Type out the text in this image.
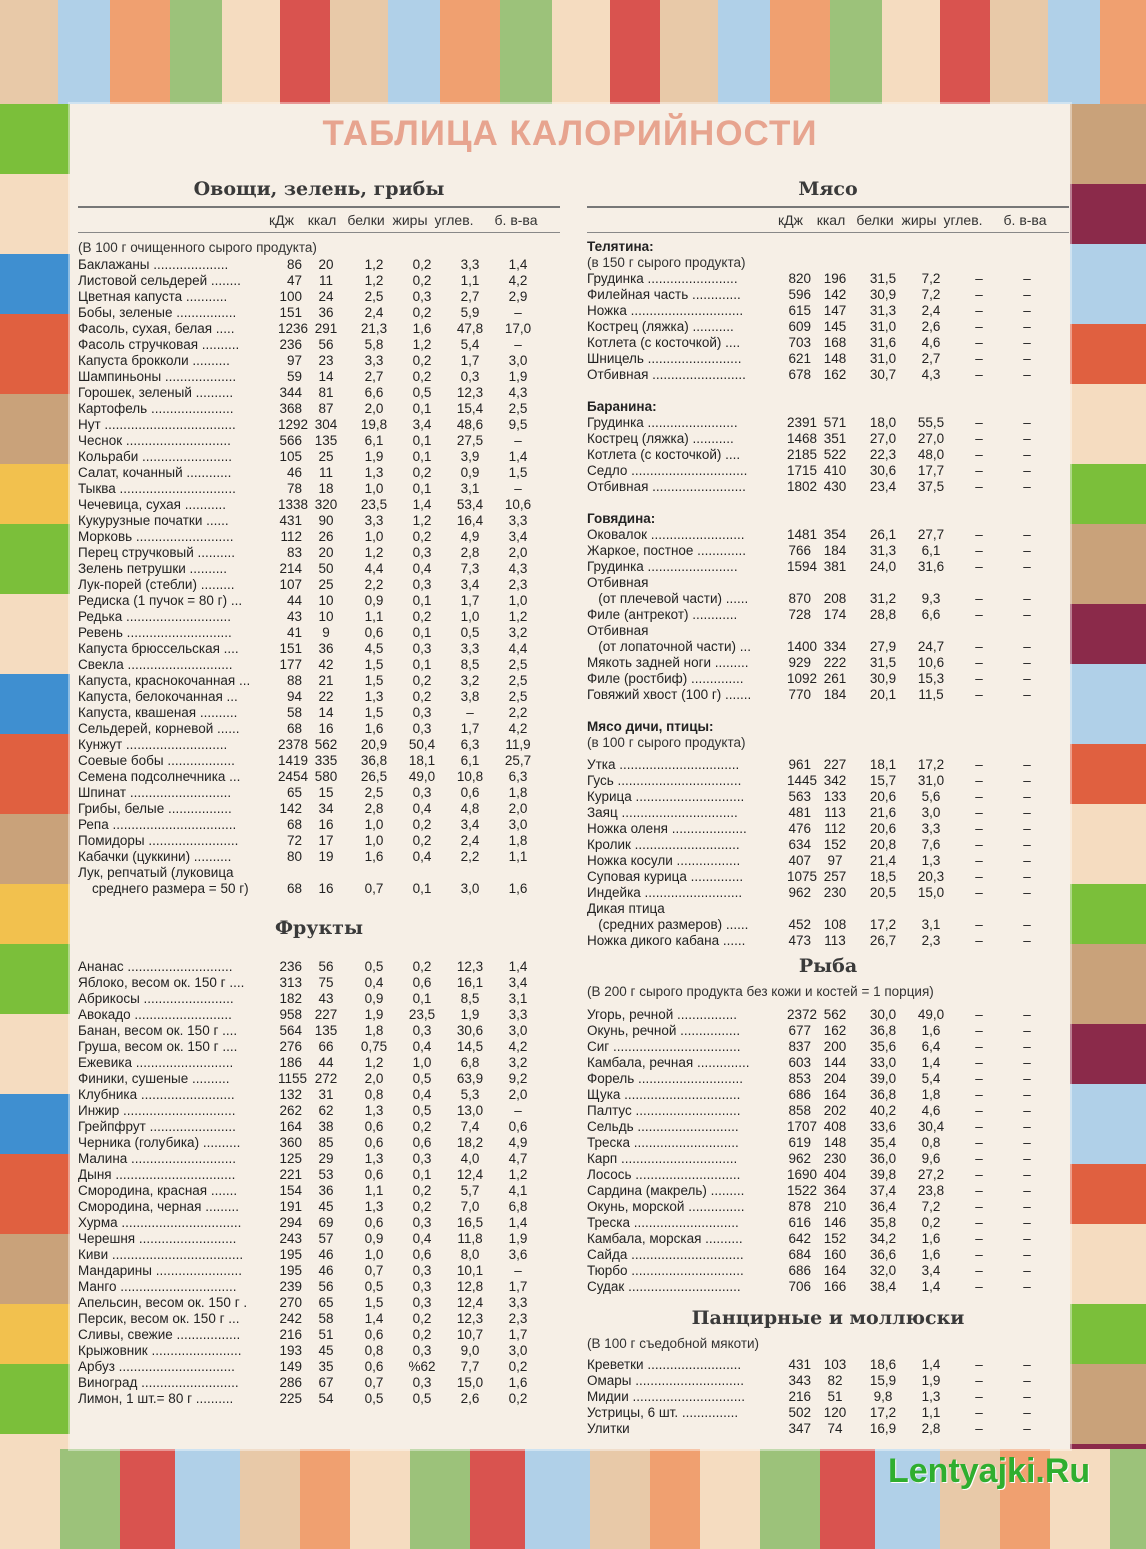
ТАБЛИЦА КАЛОРИЙНОСТИ
Овощи, зелень, грибы
кДж ккал белки жиры углев.	б. в-ва
(В 100 г очищенного сырого продукта)
Баклажаны ....................	86	20	1,2	0,2	3,3	1,4
Листовой сельдерей ........	47	11	1,2	0,2	1,1	4,2
Цветная капуста ...........	100	24	2,5	0,3	2,7	2,9
Бобы, зеленые ................	151	36	2,4	0,2	5,9	–
Фасоль, сухая, белая .....	1236 291	21,3	1,6	47,8	17,0
Фасоль стручковая ..........	236	56	5,8	1,2	5,4	–
Капуста брокколи ..........	97	23	3,3	0,2	1,7	3,0
Шампиньоны ...................	59	14	2,7	0,2	0,3	1,9
Горошек, зеленый ..........	344	81	6,6	0,5	12,3	4,3
Картофель ......................	368	87	2,0	0,1	15,4	2,5
Нут ...................................	1292 304	19,8	3,4	48,6	9,5
Чеснок ............................	566 135	6,1	0,1	27,5	–
Кольраби ........................	105	25	1,9	0,1	3,9	1,4
Салат, кочанный ............	46	11	1,3	0,2	0,9	1,5
Тыква ...............................	78	18	1,0	0,1	3,1	–
Чечевица, сухая ...........	1338 320	23,5	1,4	53,4	10,6
Кукурузные початки ......	431	90	3,3	1,2	16,4	3,3
Морковь ..........................	112	26	1,0	0,2	4,9	3,4
Перец стручковый ..........	83	20	1,2	0,3	2,8	2,0
Зелень петрушки ..........	214	50	4,4	0,4	7,3	4,3
Лук-порей (стебли) .........	107	25	2,2	0,3	3,4	2,3
Редиска (1 пучок = 80 г) ...	44	10	0,9	0,1	1,7	1,0
Редька ............................	43	10	1,1	0,2	1,0	1,2
Ревень ............................	41	9	0,6	0,1	0,5	3,2
Капуста брюссельская ....	151	36	4,5	0,3	3,3	4,4
Свекла ............................	177	42	1,5	0,1	8,5	2,5
Капуста, краснокочанная ...	88	21	1,5	0,2	3,2	2,5
Капуста, белокочанная ...	94	22	1,3	0,2	3,8	2,5
Капуста, квашеная ..........	58	14	1,5	0,3	–	2,2
Сельдерей, корневой ......	68	16	1,6	0,3	1,7	4,2
Кунжут ...........................	2378 562	20,9	50,4	6,3	11,9
Соевые бобы ..................	1419 335	36,8	18,1	6,1	25,7
Семена подсолнечника ...	2454 580	26,5	49,0	10,8	6,3
Шпинат ...........................	65	15	2,5	0,3	0,6	1,8
Грибы, белые .................	142	34	2,8	0,4	4,8	2,0
Репа .................................	68	16	1,0	0,2	3,4	3,0
Помидоры ........................	72	17	1,0	0,2	2,4	1,8
Кабачки (цуккини) ..........	80	19	1,6	0,4	2,2	1,1
Лук, репчатый (луковица
среднего размера = 50 г)	68	16	0,7	0,1	3,0	1,6
Фрукты
Ананас ............................	236	56	0,5	0,2	12,3	1,4
Яблоко, весом ок. 150 г ....	313	75	0,4	0,6	16,1	3,4
Абрикосы ........................	182	43	0,9	0,1	8,5	3,1
Авокадо ..........................	958 227	1,9	23,5	1,9	3,3
Банан, весом ок. 150 г ....	564 135	1,8	0,3	30,6	3,0
Груша, весом ок. 150 г ....	276	66	0,75	0,4	14,5	4,2
Ежевика ..........................	186	44	1,2	1,0	6,8	3,2
Финики, сушеные ..........	1155 272	2,0	0,5	63,9	9,2
Клубника .........................	132	31	0,8	0,4	5,3	2,0
Инжир ..............................	262	62	1,3	0,5	13,0	–
Грейпфрут .......................	164	38	0,6	0,2	7,4	0,6
Черника (голубика) ..........	360	85	0,6	0,6	18,2	4,9
Малина ............................	125	29	1,3	0,3	4,0	4,7
Дыня ................................	221	53	0,6	0,1	12,4	1,2
Смородина, красная .......	154	36	1,1	0,2	5,7	4,1
Смородина, черная .........	191	45	1,3	0,2	7,0	6,8
Хурма ................................	294	69	0,6	0,3	16,5	1,4
Черешня ..........................	243	57	0,9	0,4	11,8	1,9
Киви ...................................	195	46	1,0	0,6	8,0	3,6
Мандарины .......................	195	46	0,7	0,3	10,1	–
Манго ...............................	239	56	0,5	0,3	12,8	1,7
Апельсин, весом ок. 150 г .	270	65	1,5	0,3	12,4	3,3
Персик, весом ок. 150 г ...	242	58	1,4	0,2	12,3	2,3
Сливы, свежие .................	216	51	0,6	0,2	10,7	1,7
Крыжовник ........................	193	45	0,8	0,3	9,0	3,0
Арбуз ...............................	149	35	0,6	%62	7,7	0,2
Виноград ..........................	286	67	0,7	0,3	15,0	1,6
Лимон, 1 шт.= 80 г ..........	225	54	0,5	0,5	2,6	0,2
Мясо
кДж ккал белки жиры углев.	б. в-ва
Телятина:
(в 150 г сырого продукта)
Грудинка ........................	820 196	31,5	7,2	–	–
Филейная часть .............	596 142	30,9	7,2	–	–
Ножка ..............................	615 147	31,3	2,4	–	–
Кострец (ляжка) ...........	609 145	31,0	2,6	–	–
Котлета (с косточкой) ....	703 168	31,6	4,6	–	–
Шницель .........................	621 148	31,0	2,7	–	–
Отбивная .........................	678 162	30,7	4,3	–	–
Баранина:
Грудинка ........................	2391 571	18,0	55,5	–	–
Кострец (ляжка) ...........	1468 351	27,0	27,0	–	–
Котлета (с косточкой) ....	2185 522	22,3	48,0	–	–
Седло ...............................	1715 410	30,6	17,7	–	–
Отбивная .........................	1802 430	23,4	37,5	–	–
Говядина:
Оковалок .........................	1481 354	26,1	27,7	–	–
Жаркое, постное .............	766 184	31,3	6,1	–	–
Грудинка ........................	1594 381	24,0	31,6	–	–
Отбивная
(от плечевой части) ......	870 208	31,2	9,3	–	–
Филе (антрекот) ............	728 174	28,8	6,6	–	–
Отбивная
(от лопаточной части) ...	1400 334	27,9	24,7	–	–
Мякоть задней ноги .........	929 222	31,5	10,6	–	–
Филе (ростбиф) ..............	1092 261	30,9	15,3	–	–
Говяжий хвост (100 г) .......	770 184	20,1	11,5	–	–
Мясо дичи, птицы:
(в 100 г сырого продукта)
Утка ................................	961 227	18,1	17,2	–	–
Гусь .................................	1445 342	15,7	31,0	–	–
Курица .............................	563 133	20,6	5,6	–	–
Заяц ...............................	481 113	21,6	3,0	–	–
Ножка оленя ....................	476 112	20,6	3,3	–	–
Кролик ............................	634 152	20,8	7,6	–	–
Ножка косули .................	407	97	21,4	1,3	–	–
Суповая курица ..............	1075 257	18,5	20,3	–	–
Индейка ..........................	962 230	20,5	15,0	–	–
Дикая птица
(средних размеров) ......	452 108	17,2	3,1	–	–
Ножка дикого кабана ......	473 113	26,7	2,3	–	–
Рыба
(В 200 г сырого продукта без кожи и костей = 1 порция)
Угорь, речной ................	2372 562	30,0	49,0	–	–
Окунь, речной ................	677 162	36,8	1,6	–	–
Сиг ..................................	837 200	35,6	6,4	–	–
Камбала, речная ..............	603 144	33,0	1,4	–	–
Форель ............................	853 204	39,0	5,4	–	–
Щука ...............................	686 164	36,8	1,8	–	–
Палтус ............................	858 202	40,2	4,6	–	–
Сельдь ...........................	1707 408	33,6	30,4	–	–
Треска ............................	619 148	35,4	0,8	–	–
Карп ...............................	962 230	36,0	9,6	–	–
Лосось ............................	1690 404	39,8	27,2	–	–
Сардина (макрель) .........	1522 364	37,4	23,8	–	–
Окунь, морской ...............	878 210	36,4	7,2	–	–
Треска ............................	616 146	35,8	0,2	–	–
Камбала, морская ..........	642 152	34,2	1,6	–	–
Сайда ..............................	684 160	36,6	1,6	–	–
Тюрбо ..............................	686 164	32,0	3,4	–	–
Судак ..............................	706 166	38,4	1,4	–	–
Панцирные и моллюски
(В 100 г съедобной мякоти)
Креветки .........................	431 103	18,6	1,4	–	–
Омары .............................	343	82	15,9	1,9	–	–
Мидии ..............................	216	51	9,8	1,3	–	–
Устрицы, 6 шт. ...............	502 120	17,2	1,1	–	–
Улитки	347	74	16,9	2,8	–	–
Lentyajki.Ru
